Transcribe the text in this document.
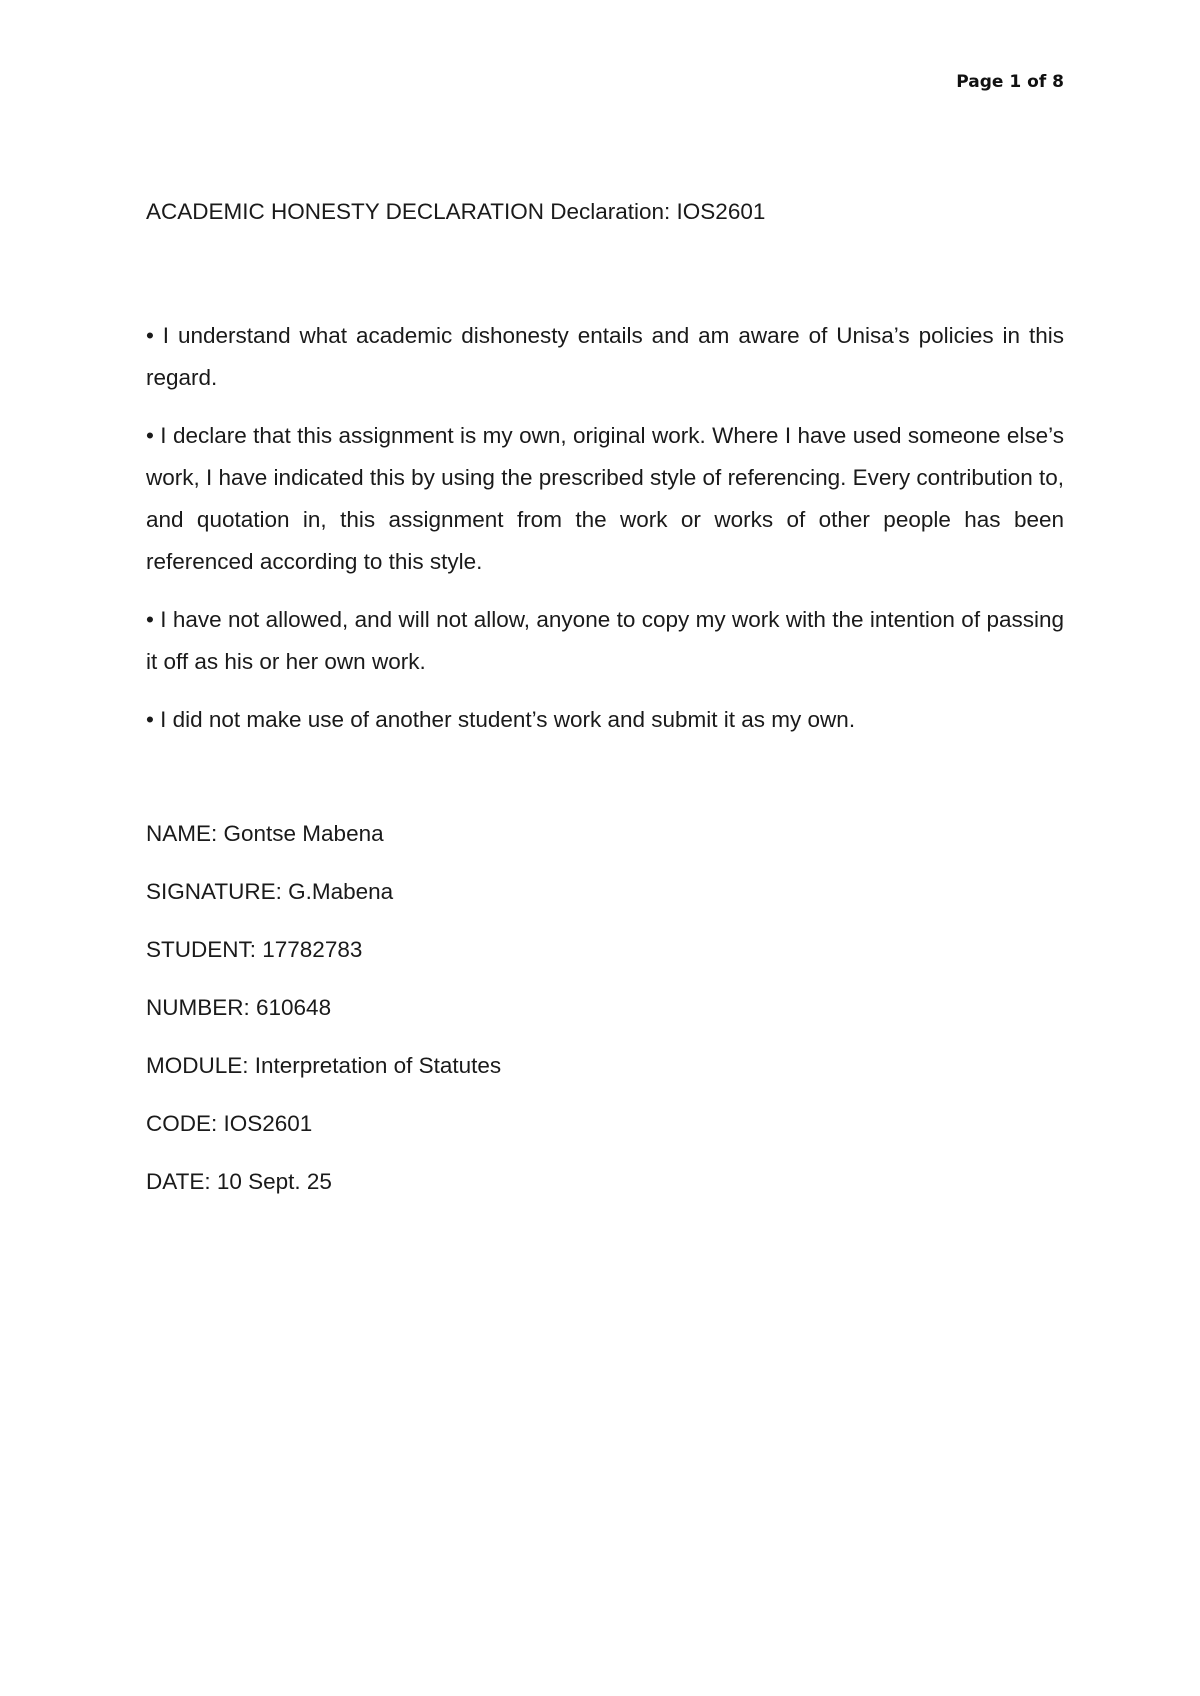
Page 1 of 8

ACADEMIC HONESTY DECLARATION Declaration: IOS2601

• I understand what academic dishonesty entails and am aware of Unisa’s policies in this regard.

• I declare that this assignment is my own, original work. Where I have used someone else’s work, I have indicated this by using the prescribed style of referencing. Every contribution to, and quotation in, this assignment from the work or works of other people has been referenced according to this style.

• I have not allowed, and will not allow, anyone to copy my work with the intention of passing it off as his or her own work.

• I did not make use of another student’s work and submit it as my own.

NAME: Gontse Mabena

SIGNATURE: G.Mabena

STUDENT: 17782783

NUMBER: 610648

MODULE: Interpretation of Statutes

CODE: IOS2601

DATE: 10 Sept. 25
